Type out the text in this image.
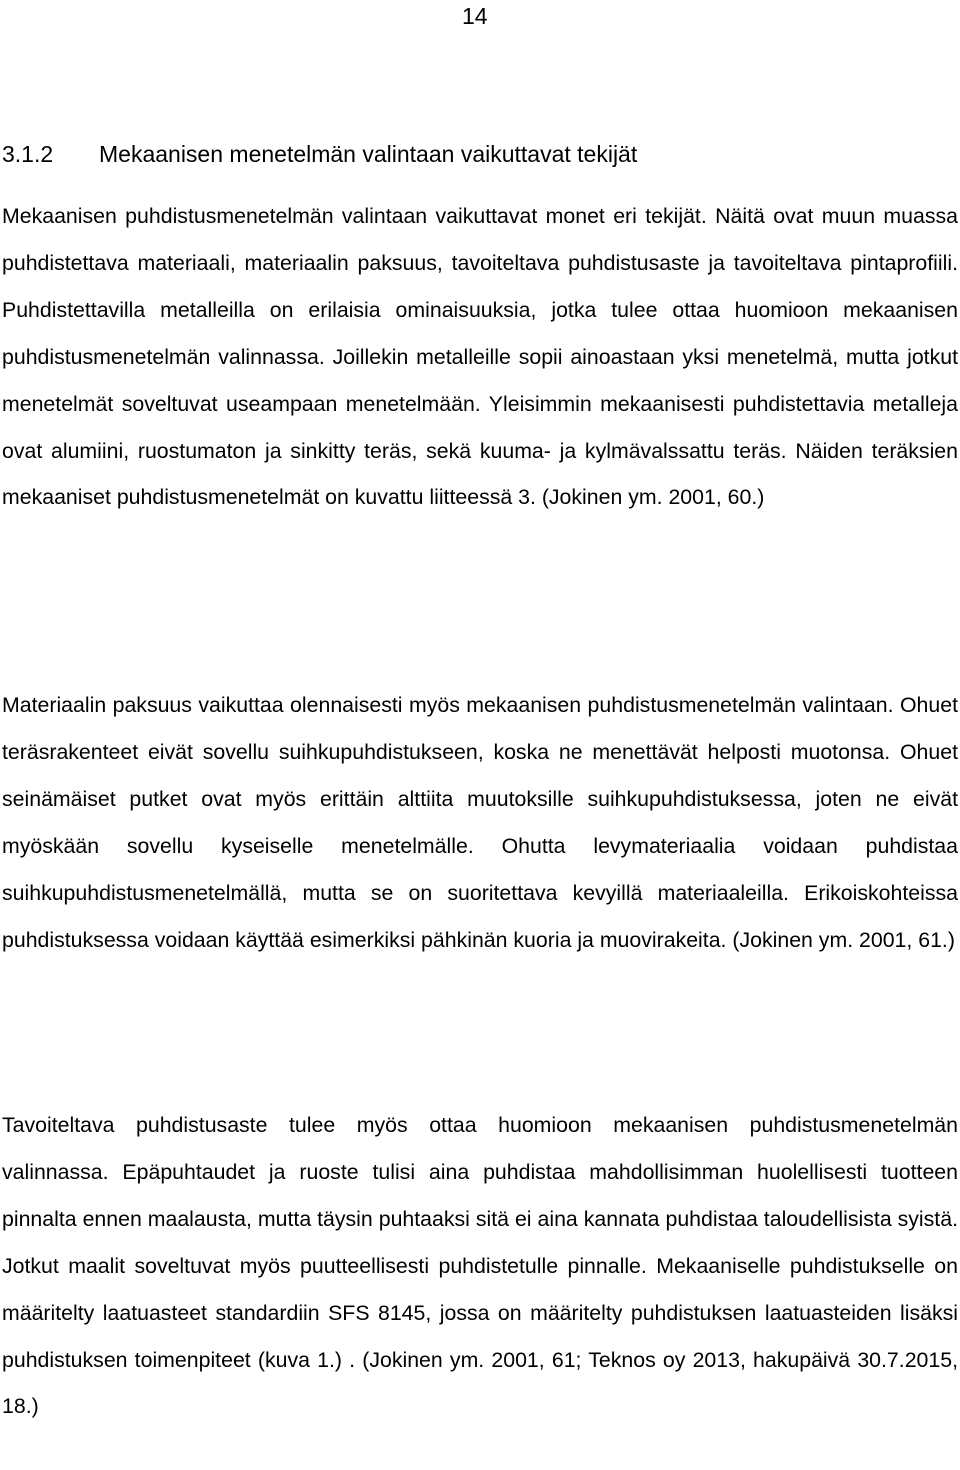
14
3.1.2 Mekaanisen menetelmän valintaan vaikuttavat tekijät

Mekaanisen puhdistusmenetelmän valintaan vaikuttavat monet eri tekijät. Näitä ovat muun muassa puhdistettava materiaali, materiaalin paksuus, tavoiteltava puhdistusaste ja tavoiteltava pintaprofiili. Puhdistettavilla metalleilla on erilaisia ominaisuuksia, jotka tulee ottaa huomioon mekaanisen puhdistusmenetelmän valinnassa. Joillekin metalleille sopii ainoastaan yksi menetelmä, mutta jotkut menetelmät soveltuvat useampaan menetelmään. Yleisimmin mekaanisesti puhdistettavia metalleja ovat alumiini, ruostumaton ja sinkitty teräs, sekä kuuma- ja kylmävalssattu teräs. Näiden teräksien mekaaniset puhdistusmenetelmät on kuvattu liitteessä 3. (Jokinen ym. 2001, 60.)

Materiaalin paksuus vaikuttaa olennaisesti myös mekaanisen puhdistusmenetelmän valintaan. Ohuet teräsrakenteet eivät sovellu suihkupuhdistukseen, koska ne menettävät helposti muotonsa. Ohuet seinämäiset putket ovat myös erittäin alttiita muutoksille suihkupuhdistuksessa, joten ne eivät myöskään sovellu kyseiselle menetelmälle. Ohutta levymateriaalia voidaan puhdistaa suihkupuhdistusmenetelmällä, mutta se on suoritettava kevyillä materiaaleilla. Erikoiskohteissa puhdistuksessa voidaan käyttää esimerkiksi pähkinän kuoria ja muovirakeita. (Jokinen ym. 2001, 61.)

Tavoiteltava puhdistusaste tulee myös ottaa huomioon mekaanisen puhdistusmenetelmän valinnassa. Epäpuhtaudet ja ruoste tulisi aina puhdistaa mahdollisimman huolellisesti tuotteen pinnalta ennen maalausta, mutta täysin puhtaaksi sitä ei aina kannata puhdistaa taloudellisista syistä. Jotkut maalit soveltuvat myös puutteellisesti puhdistetulle pinnalle. Mekaaniselle puhdistukselle on määritelty laatuasteet standardiin SFS 8145, jossa on määritelty puhdistuksen laatuasteiden lisäksi puhdistuksen toimenpiteet (kuva 1.) . (Jokinen ym. 2001, 61; Teknos oy 2013, hakupäivä 30.7.2015, 18.)
